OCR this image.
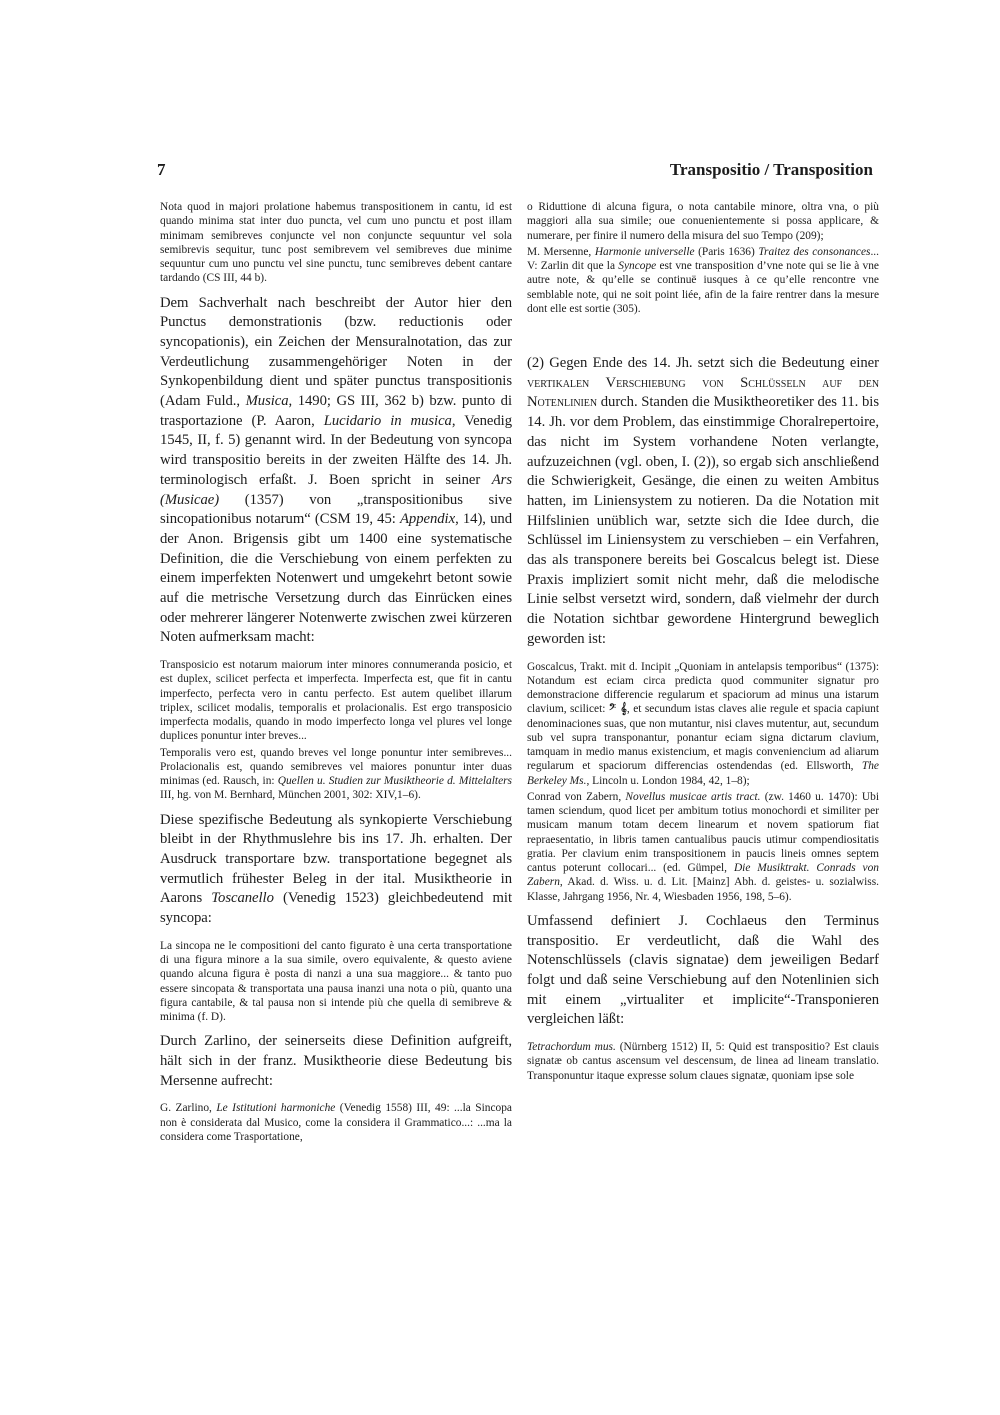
7	Transpositio / Transposition

Nota quod in majori prolatione habemus transpositionem in cantu, id est quando minima stat inter duo puncta, vel cum uno punctu et post illam minimam semibreves conjuncte vel non conjuncte sequuntur vel sola semibrevis sequitur, tunc post semibrevem vel semibreves due minime sequuntur cum uno punctu vel sine punctu, tunc semibreves debent cantare tardando (CS III, 44 b).

Dem Sachverhalt nach beschreibt der Autor hier den Punctus demonstrationis (bzw. reductionis oder syncopationis), ein Zeichen der Mensuralnotation, das zur Verdeutlichung zusammengehöriger Noten in der Synkopenbildung dient und später punctus transpositionis (Adam Fuld., Musica, 1490; GS III, 362 b) bzw. punto di trasportazione (P. Aaron, Lucidario in musica, Venedig 1545, II, f. 5) genannt wird. In der Bedeutung von syncopa wird transpositio bereits in der zweiten Hälfte des 14. Jh. terminologisch erfaßt. J. Boen spricht in seiner Ars (Musicae) (1357) von „transpositionibus sive sincopationibus notarum“ (CSM 19, 45: Appendix, 14), und der Anon. Brigensis gibt um 1400 eine systematische Definition, die die Verschiebung von einem perfekten zu einem imperfekten Notenwert und umgekehrt betont sowie auf die metrische Versetzung durch das Einrücken eines oder mehrerer längerer Notenwerte zwischen zwei kürzeren Noten aufmerksam macht:

Transposicio est notarum maiorum inter minores connumeranda posicio, et est duplex, scilicet perfecta et imperfecta. Imperfecta est, que fit in cantu imperfecto, perfecta vero in cantu perfecto. Est autem quelibet illarum triplex, scilicet modalis, temporalis et prolacionalis. Est ergo transposicio imperfecta modalis, quando in modo imperfecto longa vel plures vel longe duplices ponuntur inter breves...

Temporalis vero est, quando breves vel longe ponuntur inter semibreves... Prolacionalis est, quando semibreves vel maiores ponuntur inter duas minimas (ed. Rausch, in: Quellen u. Studien zur Musiktheorie d. Mittelalters III, hg. von M. Bernhard, München 2001, 302: XIV,1–6).

Diese spezifische Bedeutung als synkopierte Verschiebung bleibt in der Rhythmuslehre bis ins 17. Jh. erhalten. Der Ausdruck transportare bzw. transportatione begegnet als vermutlich frühester Beleg in der ital. Musiktheorie in Aarons Toscanello (Venedig 1523) gleichbedeutend mit syncopa:

La sincopa ne le compositioni del canto figurato è una certa transportatione di una figura minore a la sua simile, overo equivalente, & questo aviene quando alcuna figura è posta di nanzi a una sua maggiore... & tanto puo essere sincopata & transportata una pausa inanzi una nota o più, quanto una figura cantabile, & tal pausa non si intende più che quella di semibreve & minima (f. D).

Durch Zarlino, der seinerseits diese Definition aufgreift, hält sich in der franz. Musiktheorie diese Bedeutung bis Mersenne aufrecht:

G. Zarlino, Le Istitutioni harmoniche (Venedig 1558) III, 49: ...la Sincopa non è considerata dal Musico, come la considera il Grammatico...: ...ma la considera come Trasportatione,

o Riduttione di alcuna figura, o nota cantabile minore, oltra vna, o più maggiori alla sua simile; oue conuenientemente si possa applicare, & numerare, per finire il numero della misura del suo Tempo (209);

M. Mersenne, Harmonie universelle (Paris 1636) Traitez des consonances... V: Zarlin dit que la Syncope est vne transposition d’vne note qui se lie à vne autre note, & qu’elle se continuë iusques à ce qu’elle rencontre vne semblable note, qui ne soit point liée, afin de la faire rentrer dans la mesure dont elle est sortie (305).

(2) Gegen Ende des 14. Jh. setzt sich die Bedeutung einer vertikalen Verschiebung von Schlüsseln auf den Notenlinien durch. Standen die Musiktheoretiker des 11. bis 14. Jh. vor dem Problem, das einstimmige Choralrepertoire, das nicht im System vorhandene Noten verlangte, aufzuzeichnen (vgl. oben, I. (2)), so ergab sich anschließend die Schwierigkeit, Gesänge, die einen zu weiten Ambitus hatten, im Liniensystem zu notieren. Da die Notation mit Hilfslinien unüblich war, setzte sich die Idee durch, die Schlüssel im Liniensystem zu verschieben – ein Verfahren, das als transponere bereits bei Goscalcus belegt ist. Diese Praxis impliziert somit nicht mehr, daß die melodische Linie selbst versetzt wird, sondern, daß vielmehr der durch die Notation sichtbar gewordene Hintergrund beweglich geworden ist:

Goscalcus, Trakt. mit d. Incipit „Quoniam in antelapsis temporibus“ (1375): Notandum est eciam circa predicta quod communiter signatur pro demonstracione differencie regularum et spaciorum ad minus una istarum clavium, scilicet: 𝄢 𝄞, et secundum istas claves alie regule et spacia capiunt denominaciones suas, que non mutantur, nisi claves mutentur, aut, secundum sub vel supra transponantur, ponantur eciam signa dictarum clavium, tamquam in medio manus existencium, et magis conveniencium ad aliarum regularum et spaciorum differencias ostendendas (ed. Ellsworth, The Berkeley Ms., Lincoln u. London 1984, 42, 1–8);

Conrad von Zabern, Novellus musicae artis tract. (zw. 1460 u. 1470): Ubi tamen sciendum, quod licet per ambitum totius monochordi et similiter per musicam manum totam decem linearum et novem spatiorum fiat repraesentatio, in libris tamen cantualibus paucis utimur compendiositatis gratia. Per clavium enim transpositionem in paucis lineis omnes septem cantus poterunt collocari... (ed. Gümpel, Die Musiktrakt. Conrads von Zabern, Akad. d. Wiss. u. d. Lit. [Mainz] Abh. d. geistes- u. sozialwiss. Klasse, Jahrgang 1956, Nr. 4, Wiesbaden 1956, 198, 5–6).

Umfassend definiert J. Cochlaeus den Terminus transpositio. Er verdeutlicht, daß die Wahl des Notenschlüssels (clavis signatae) dem jeweiligen Bedarf folgt und daß seine Verschiebung auf den Notenlinien sich mit einem „virtualiter et implicite“-Transponieren vergleichen läßt:

Tetrachordum mus. (Nürnberg 1512) II, 5: Quid est transpositio? Est clauis signatæ ob cantus ascensum vel descensum, de linea ad lineam translatio. Transponuntur itaque expresse solum claues signatæ, quoniam ipse sole
